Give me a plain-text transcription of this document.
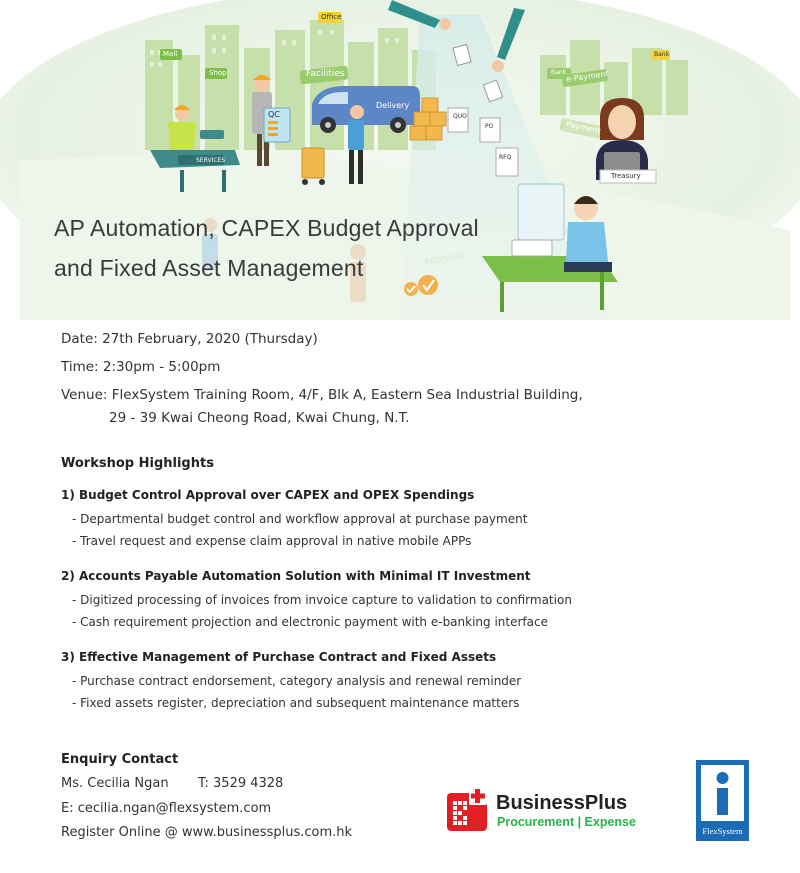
Mall
Shop
Office
Facilities
QC
SERVICES
Delivery
QUO
PO
RFQ
Bank
Bank e-Payment
Payment
Treasury
Approval
AP Automation, CAPEX Budget Approval
and Fixed Asset Management
Date: 27th February, 2020 (Thursday)
Time: 2:30pm - 5:00pm
Venue: FlexSystem Training Room, 4/F, Blk A, Eastern Sea Industrial Building,
29 - 39 Kwai Cheong Road, Kwai Chung, N.T.
Workshop Highlights
1) Budget Control Approval over CAPEX and OPEX Spendings
- Departmental budget control and workflow approval at purchase payment
- Travel request and expense claim approval in native mobile APPs
2) Accounts Payable Automation Solution with Minimal IT Investment
- Digitized processing of invoices from invoice capture to validation to confirmation
- Cash requirement projection and electronic payment with e-banking interface
3) Effective Management of Purchase Contract and Fixed Assets
- Purchase contract endorsement, category analysis and renewal reminder
- Fixed assets register, depreciation and subsequent maintenance matters
Enquiry Contact
Ms. Cecilia Ngan T: 3529 4328
E: cecilia.ngan@flexsystem.com
Register Online @ www.businessplus.com.hk
BusinessPlus
Procurement | Expense
FlexSystem
